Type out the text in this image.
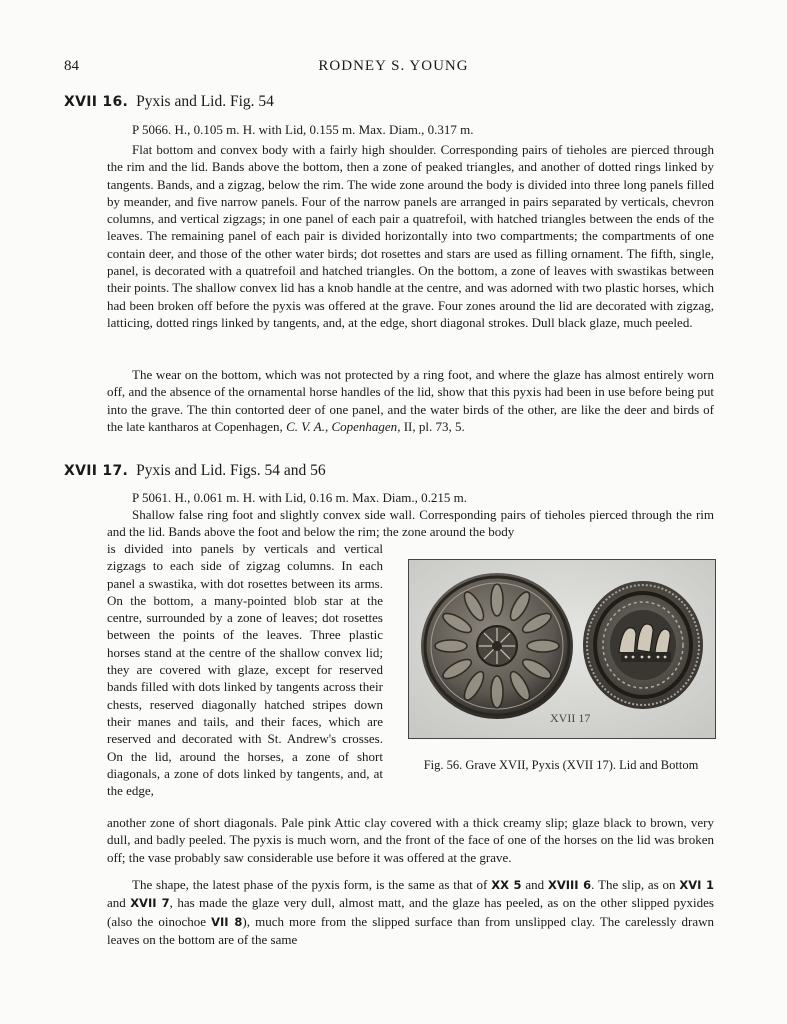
84	RODNEY S. YOUNG
XVII 16. Pyxis and Lid. Fig. 54
P 5066. H., 0.105 m. H. with Lid, 0.155 m. Max. Diam., 0.317 m.

Flat bottom and convex body with a fairly high shoulder. Corresponding pairs of tieholes are pierced through the rim and the lid. Bands above the bottom, then a zone of peaked triangles, and another of dotted rings linked by tangents. Bands, and a zigzag, below the rim. The wide zone around the body is divided into three long panels filled by meander, and five narrow panels. Four of the narrow panels are arranged in pairs separated by verticals, chevron columns, and vertical zigzags; in one panel of each pair a quatrefoil, with hatched triangles between the ends of the leaves. The remaining panel of each pair is divided horizontally into two compartments; the compartments of one contain deer, and those of the other water birds; dot rosettes and stars are used as filling ornament. The fifth, single, panel, is decorated with a quatrefoil and hatched triangles. On the bottom, a zone of leaves with swastikas between their points. The shallow convex lid has a knob handle at the centre, and was adorned with two plastic horses, which had been broken off before the pyxis was offered at the grave. Four zones around the lid are decorated with zigzag, latticing, dotted rings linked by tangents, and, at the edge, short diagonal strokes. Dull black glaze, much peeled.

The wear on the bottom, which was not protected by a ring foot, and where the glaze has almost entirely worn off, and the absence of the ornamental horse handles of the lid, show that this pyxis had been in use before being put into the grave. The thin contorted deer of one panel, and the water birds of the other, are like the deer and birds of the late kantharos at Copenhagen, C. V. A., Copenhagen, II, pl. 73, 5.

XVII 17. Pyxis and Lid. Figs. 54 and 56
P 5061. H., 0.061 m. H. with Lid, 0.16 m. Max. Diam., 0.215 m.

Shallow false ring foot and slightly convex side wall. Corresponding pairs of tieholes pierced through the rim and the lid. Bands above the foot and below the rim; the zone around the body

is divided into panels by verticals and vertical zigzags to each side of zigzag columns. In each panel a swastika, with dot rosettes between its arms. On the bottom, a many-pointed blob star at the centre, surrounded by a zone of leaves; dot rosettes between the points of the leaves. Three plastic horses stand at the centre of the shallow convex lid; they are covered with glaze, except for reserved bands filled with dots linked by tangents across their chests, reserved diagonally hatched stripes down their manes and tails, and their faces, which are reserved and decorated with St. Andrew's crosses. On the lid, around the horses, a zone of short diagonals, a zone of dots linked by tangents, and, at the edge,

another zone of short diagonals. Pale pink Attic clay covered with a thick creamy slip; glaze black to brown, very dull, and badly peeled. The pyxis is much worn, and the front of the face of one of the horses on the lid was broken off; the vase probably saw considerable use before it was offered at the grave.

The shape, the latest phase of the pyxis form, is the same as that of XX 5 and XVIII 6. The slip, as on XVI 1 and XVII 7, has made the glaze very dull, almost matt, and the glaze has peeled, as on the other slipped pyxides (also the oinochoe VII 8), much more from the slipped surface than from unslipped clay. The carelessly drawn leaves on the bottom are of the same

XVII 17
Fig. 56. Grave XVII, Pyxis (XVII 17). Lid and Bottom
